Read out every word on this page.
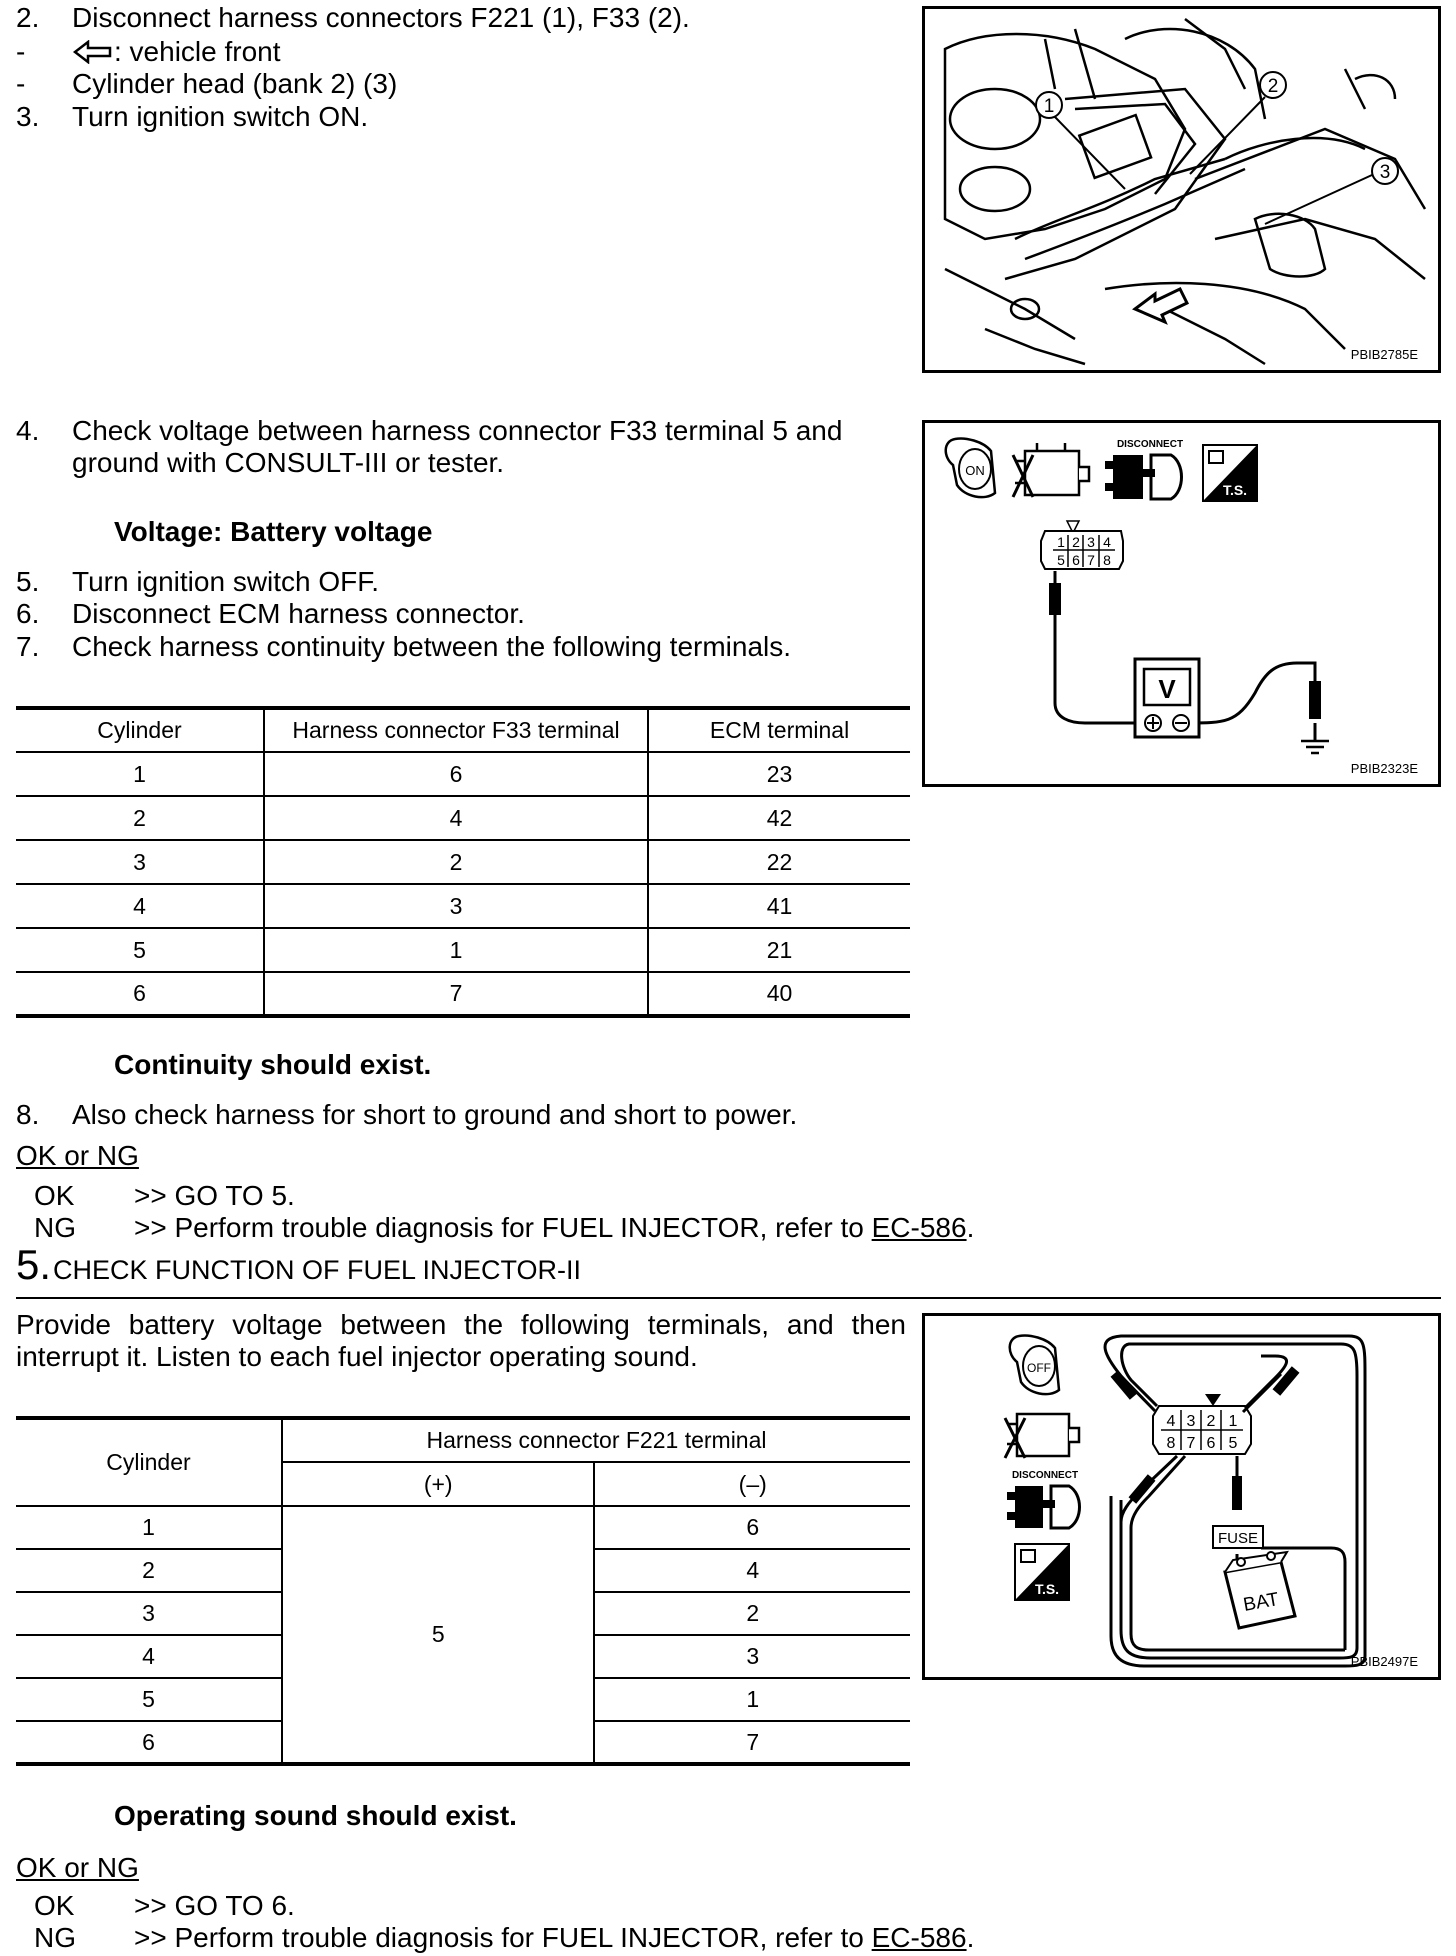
2. Disconnect harness connectors F221 (1), F33 (2).
-	: vehicle front
- Cylinder head (bank 2) (3)
3. Turn ignition switch ON.	1
2
3
PBIB2785E
4. Check voltage between harness connector F33 terminal 5 and
ground with CONSULT-III or tester.
Voltage: Battery voltage
5. Turn ignition switch OFF.
6. Disconnect ECM harness connector.
7. Check harness continuity between the following terminals.
ON
DISCONNECT
T.S.
1 2 3 4
5 6 7 8
V
PBIB2323E
Cylinder	Harness connector F33 terminal	ECM terminal
1	6	23
2	4	42
3	2	22
4	3	41
5	1	21
6	7	40
Continuity should exist.
8. Also check harness for short to ground and short to power.
OK or NG
OK >> GO TO 5.
NG >> Perform trouble diagnosis for FUEL INJECTOR, refer to EC-586.
5.CHECK FUNCTION OF FUEL INJECTOR-II
Provide battery voltage between the following terminals, and then
interrupt it. Listen to each fuel injector operating sound.	OFF
DISCONNECT
T.S.
4 3 2 1
8 7 6 5
FUSE
BAT
PBIB2497E
Cylinder	Harness connector F221 terminal	
	(+)	(–)
1	5	6
2		4
3		2
4		3
5		1
6		7
Operating sound should exist.
OK or NG
OK >> GO TO 6.
NG >> Perform trouble diagnosis for FUEL INJECTOR, refer to EC-586.
